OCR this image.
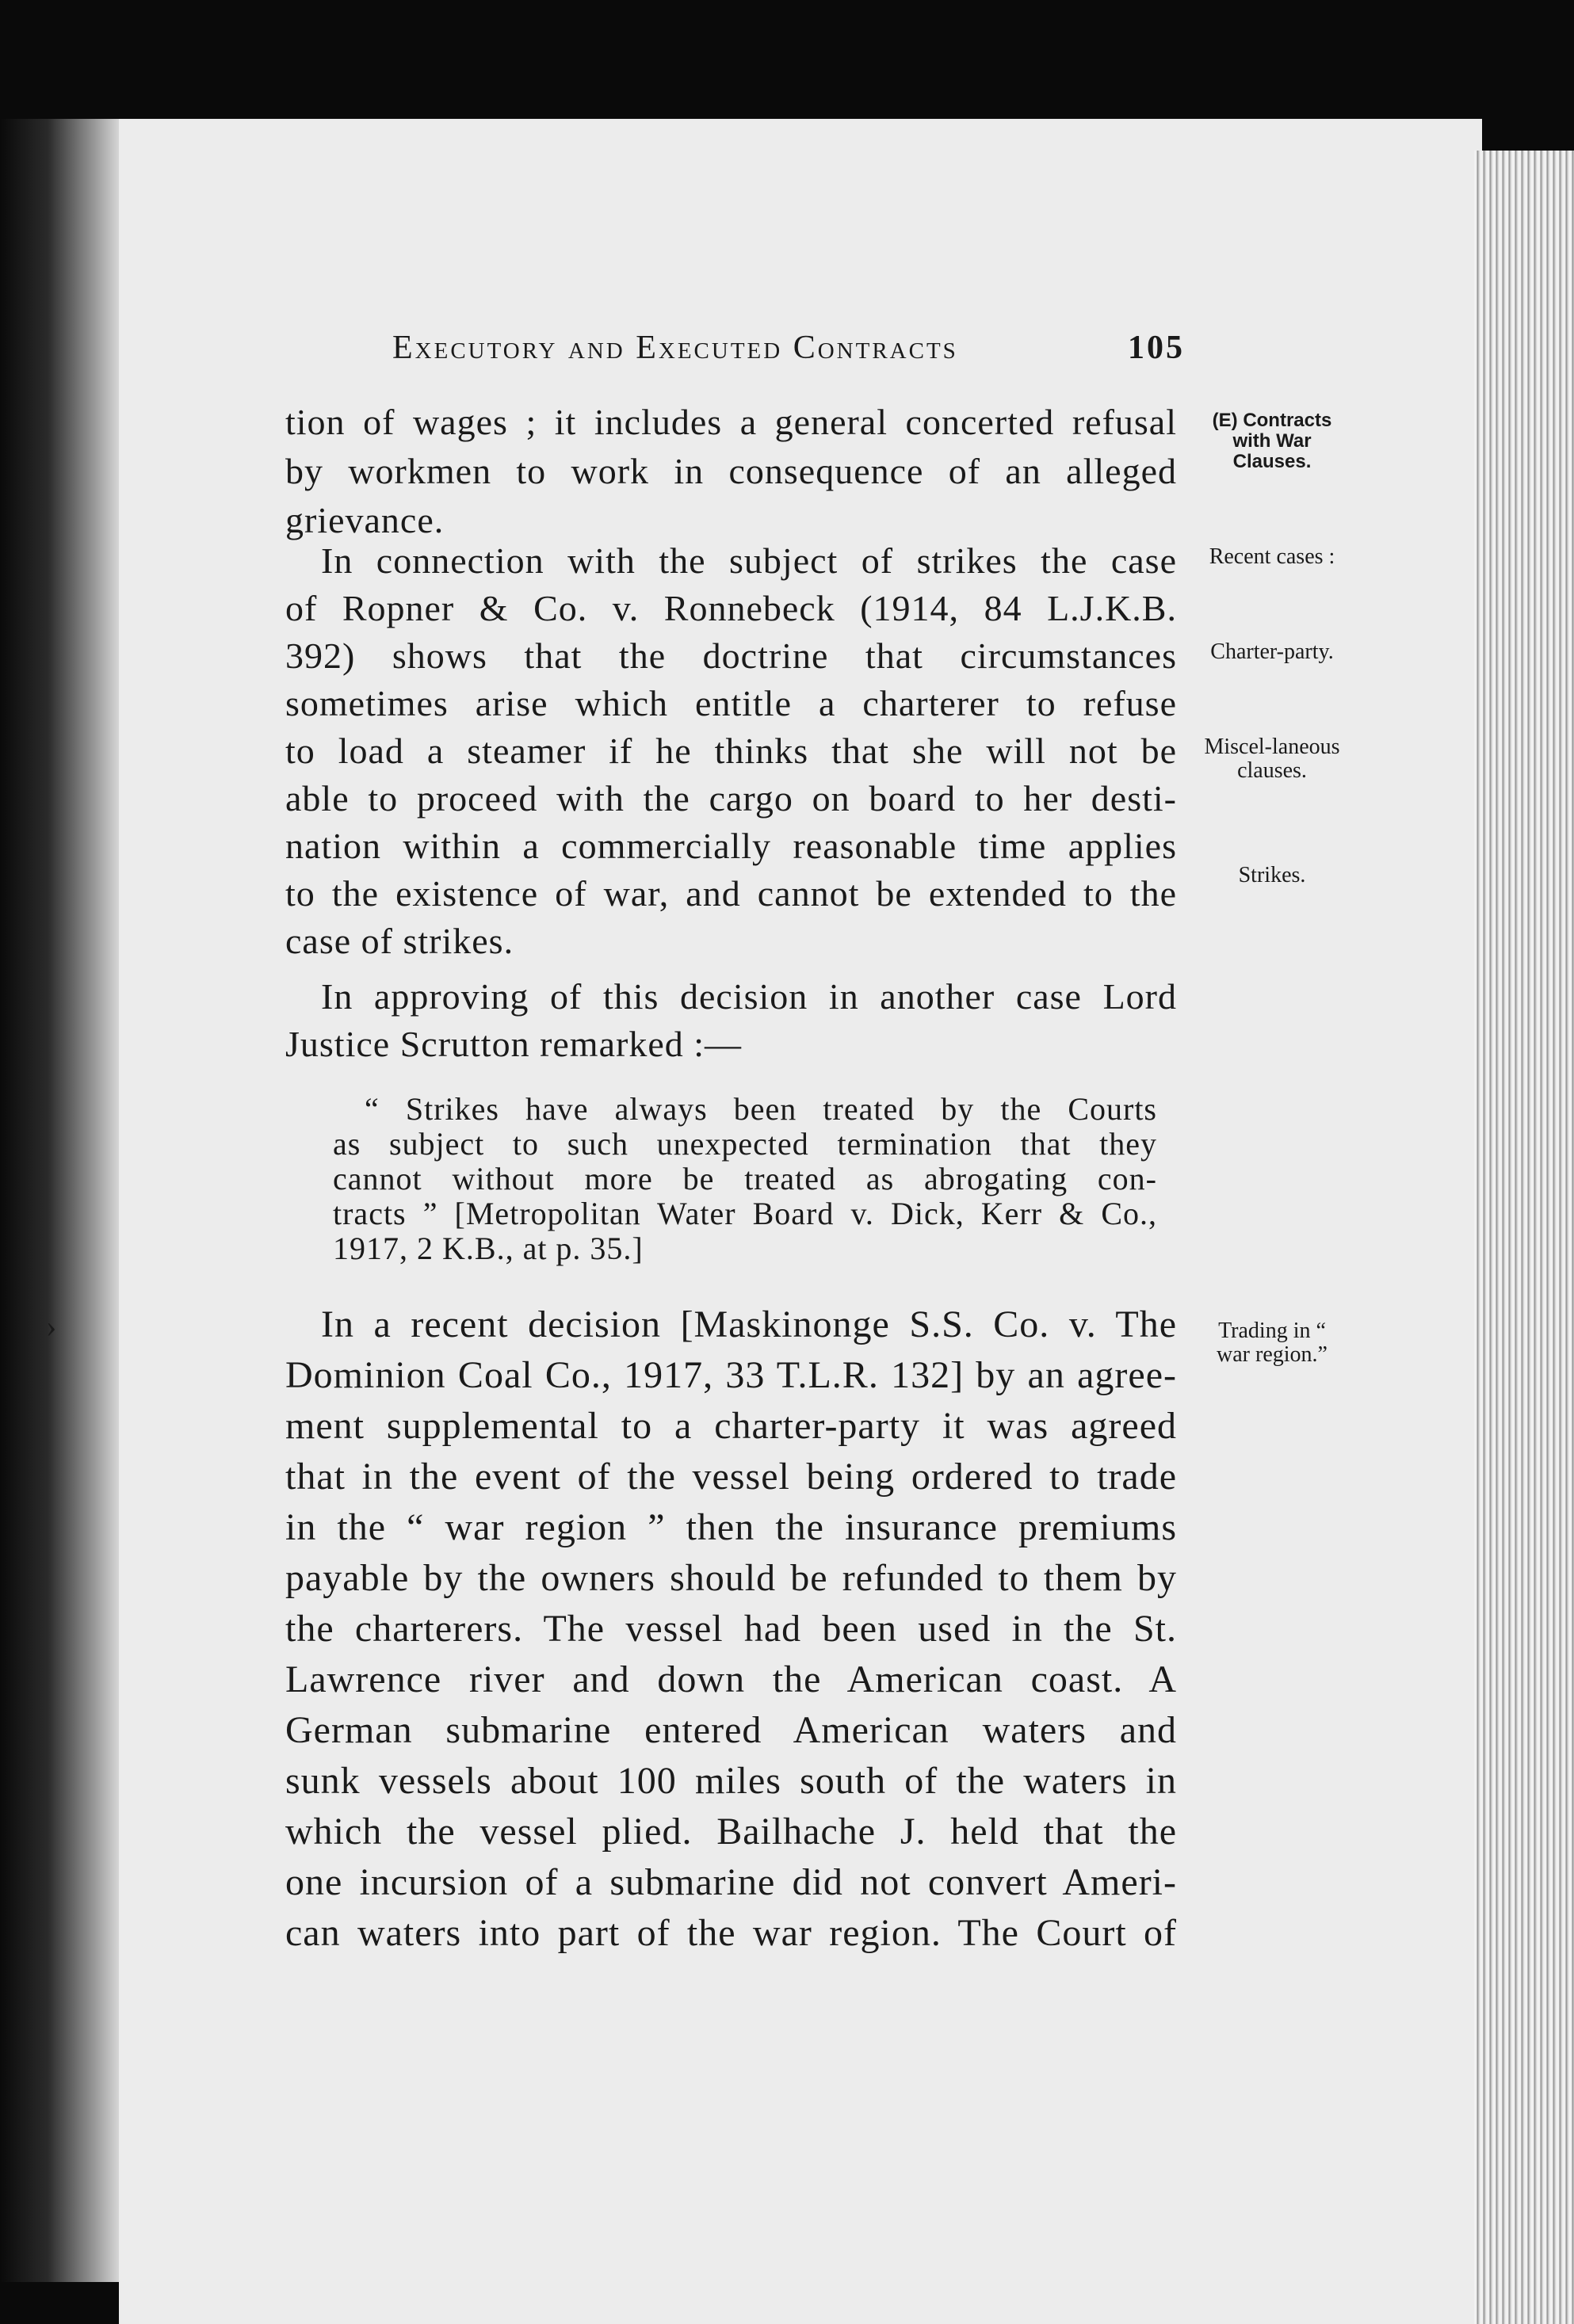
›
Executory and Executed Contracts	105
tion of wages ; it includes a general concerted refusal
by workmen to work in consequence of an alleged
grievance.
In connection with the subject of strikes the case
of Ropner & Co. v. Ronnebeck (1914, 84 L.J.K.B.
392) shows that the doctrine that circumstances
sometimes arise which entitle a charterer to refuse
to load a steamer if he thinks that she will not be
able to proceed with the cargo on board to her desti-
nation within a commercially reasonable time applies
to the existence of war, and cannot be extended to the
case of strikes.
In approving of this decision in another case Lord
Justice Scrutton remarked :—
“ Strikes have always been treated by the Courts
as subject to such unexpected termination that they
cannot without more be treated as abrogating con-
tracts ” [Metropolitan Water Board v. Dick, Kerr & Co.,
1917, 2 K.B., at p. 35.]
In a recent decision [Maskinonge S.S. Co. v. The
Dominion Coal Co., 1917, 33 T.L.R. 132] by an agree-
ment supplemental to a charter-party it was agreed
that in the event of the vessel being ordered to trade
in the “ war region ” then the insurance premiums
payable by the owners should be refunded to them by
the charterers. The vessel had been used in the St.
Lawrence river and down the American coast. A
German submarine entered American waters and
sunk vessels about 100 miles south of the waters in
which the vessel plied. Bailhache J. held that the
one incursion of a submarine did not convert Ameri-
can waters into part of the war region. The Court of
(E) Contracts with War Clauses.
Recent cases :
Charter-party.
Miscel-laneous clauses.
Strikes.
Trading in “ war region.”
